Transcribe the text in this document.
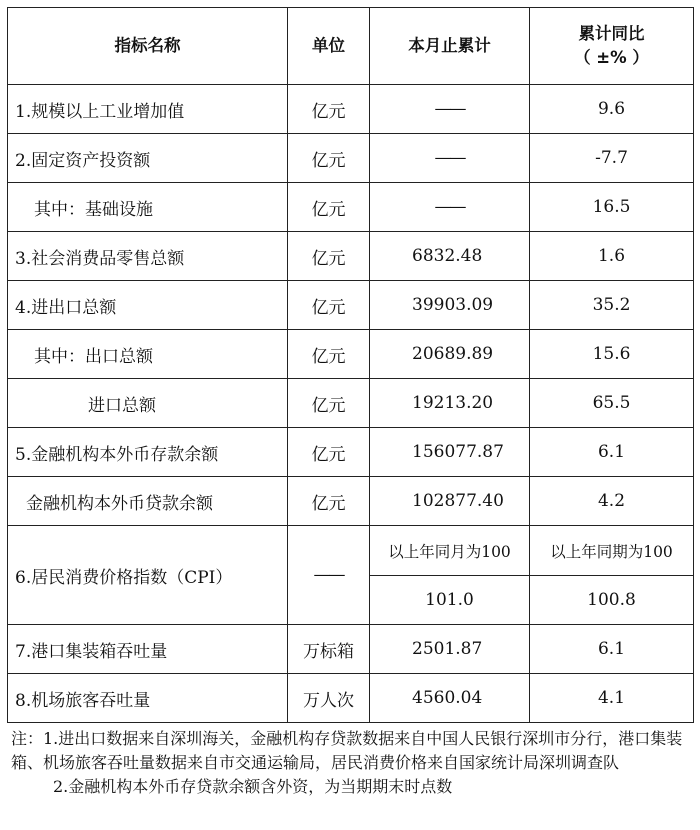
指标名称	单位	本月止累计	累计同比
（ ±% ）

1.规模以上工业增加值	亿元	——	9.6
2.固定资产投资额	亿元	——	-7.7
其中：基础设施	亿元	——	16.5
3.社会消费品零售总额	亿元	6832.48	1.6
4.进出口总额	亿元	39903.09	35.2
其中：出口总额	亿元	20689.89	15.6
进口总额	亿元	19213.20	65.5
5.金融机构本外币存款余额	亿元	156077.87	6.1
金融机构本外币贷款余额	亿元	102877.40	4.2
6.居民消费价格指数（CPI）	——	以上年同月为100	以上年同期为100
		101.0	100.8
7.港口集装箱吞吐量	万标箱	2501.87	6.1
8.机场旅客吞吐量	万人次	4560.04	4.1

注：1.进出口数据来自深圳海关，金融机构存贷款数据来自中国人民银行深圳市分行，港口集装箱、机场旅客吞吐量数据来自市交通运输局，居民消费价格来自国家统计局深圳调查队

2.金融机构本外币存贷款余额含外资，为当期期末时点数
